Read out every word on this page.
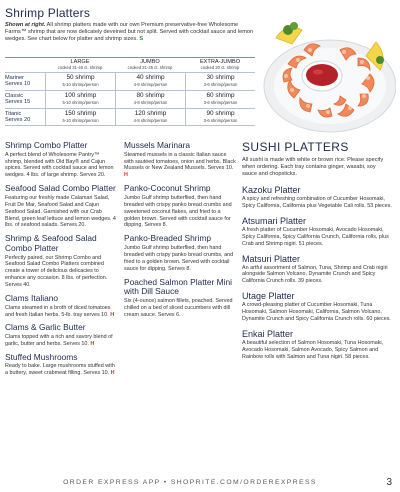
Shrimp Platters

Shown at right. All shrimp platters made with our own Premium preservative-free Wholesome Farms™ shrimp that are now delicately deveined but not split. Served with cocktail sauce and lemon wedges. See chart below for platter and shrimp sizes. S

LARGE
cooked 31-40 ct. shrimp
JUMBO
cooked 21-25 ct. shrimp
EXTRA-JUMBO
cooked 20 ct. shrimp
Mariner
Serves 10
50 shrimp
5-10 shrimp/person
40 shrimp
4-8 shrimp/person
30 shrimp
3-6 shrimp/person
Classic
Serves 15
100 shrimp
5-10 shrimp/person
80 shrimp
4-8 shrimp/person
60 shrimp
3-6 shrimp/person
Titanic
Serves 20
150 shrimp
5-10 shrimp/person
120 shrimp
4-8 shrimp/person
90 shrimp
3-6 shrimp/person
Shrimp Combo Platter

A perfect blend of Wholesome Pantry™ shrimp, blended with Old Bay® and Cajun spices. Served with cocktail sauce and lemon wedges. 4 lbs. of large shrimp. Serves 20.

Seafood Salad Combo Platter

Featuring our freshly made Calamari Salad, Fruit De Mar, Seafood Salad and Cajun Seafood Salad. Garnished with our Crab Blend, green leaf lettuce and lemon wedges. 4 lbs. of seafood salads. Serves 20.

Shrimp & Seafood Salad Combo Platter

Perfectly paired, our Shrimp Combo and Seafood Salad Combo Platters combined create a tower of delicious delicacies to enhance any occasion. 8 lbs. of perfection. Serves 40.

Clams Italiano

Clams steamed in a broth of diced tomatoes and fresh Italian herbs. 5-lb. tray serves 10. H

Clams & Garlic Butter

Clams topped with a rich and savory blend of garlic, butter and herbs. Serves 10. H

Stuffed Mushrooms

Ready to bake. Large mushrooms stuffed with a buttery, sweet crabmeat filling. Serves 10. H

Mussels Marinara

Steamed mussels in a classic Italian sauce with sautéed tomatoes, onion and herbs. Black Mussels or New Zealand Mussels. Serves 10. H

Panko-Coconut Shrimp

Jumbo Gulf shrimp butterflied, then hand breaded with crispy panko bread crumbs and sweetened coconut flakes, and fried to a golden brown. Served with cocktail sauce for dipping. Serves 8.

Panko-Breaded Shrimp

Jumbo Gulf shrimp butterflied, then hand breaded with crispy panko bread crumbs, and fried to a golden brown. Served with cocktail sauce for dipping. Serves 8.

Poached Salmon Platter Mini with Dill Sauce

Six (4-ounce) salmon fillets, poached. Served chilled on a bed of sliced cucumbers with dill cream sauce. Serves 6.

SUSHI PLATTERS

All sushi is made with white or brown rice. Please specify when ordering. Each tray contains ginger, wasabi, soy sauce and chopsticks.

Kazoku Platter

A spicy and refreshing combination of Cucumber Hosomaki, Spicy California, California plus Vegetable Cali rolls. 53 pieces.

Atsumari Platter

A fresh platter of Cucumber Hosomaki, Avocado Hosomaki, Spicy California, Spicy California Crunch, California rolls, plus Crab and Shrimp nigiri. 51 pieces.

Matsuri Platter

An artful assortment of Salmon, Tuna, Shrimp and Crab nigiri alongside Salmon Volcano, Dynamite Crunch and Spicy California Crunch rolls. 39 pieces.

Utage Platter

A crowd-pleasing platter of Cucumber Hosomaki, Tuna Hosomaki, Salmon Hosomaki, California, Salmon Volcano, Dynamite Crunch and Spicy California Crunch rolls. 60 pieces.

Enkai Platter

A beautiful selection of Salmon Hosomaki, Tuna Hosomaki, Avocado Hosomaki, Salmon Avocado, Spicy Salmon and Rainbow rolls with Salmon and Tuna nigiri. 58 pieces.

ORDER EXPRESS APP • SHOPRITE.COM/ORDEREXPRESS	3
